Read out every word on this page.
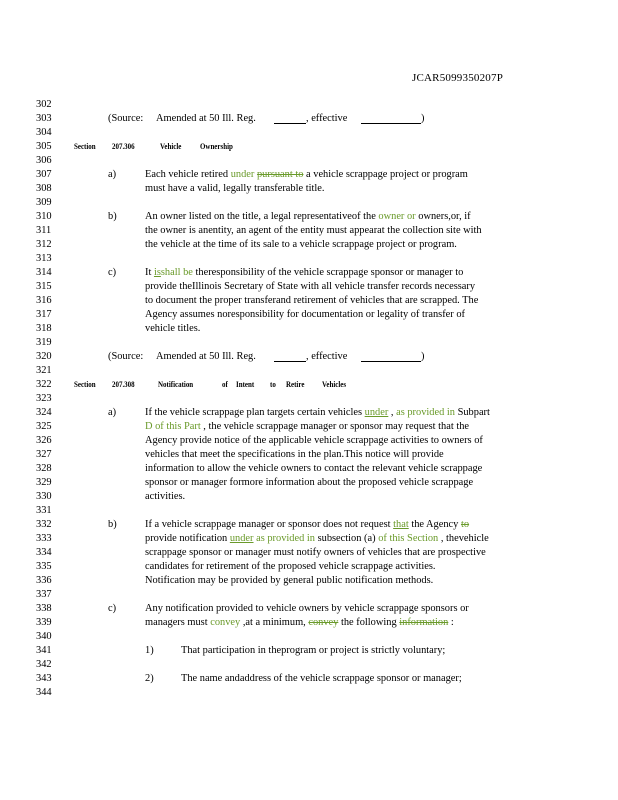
JCAR5099350207P
302
303	(Source: Amended at 50 Ill. Reg.	, effective	)
304
305	Section 207.306	Vehicle Ownership
306
307	a)	Each vehicle retired under pursuant to a vehicle scrappage project or program
308	must have a valid, legally transferable title.
309
310	b)	An owner listed on the title, a legal representativeof the owner or owners,or, if
311	the owner is anentity, an agent of the entity must appearat the collection site with
312	the vehicle at the time of its sale to a vehicle scrappage project or program.
313
314	c)	It isshall be theresponsibility of the vehicle scrappage sponsor or manager to
315	provide theIllinois Secretary of State with all vehicle transfer records necessary
316	to document the proper transferand retirement of vehicles that are scrapped. The
317	Agency assumes noresponsibility for documentation or legality of transfer of
318	vehicle titles.
319
320	(Source: Amended at 50 Ill. Reg.	, effective	)
321
322	Section 207.308	Notification	of Intent to Retire Vehicles
323
324	a)	If the vehicle scrappage plan targets certain vehicles under , as provided in Subpart
325	D of this Part , the vehicle scrappage manager or sponsor may request that the
326	Agency provide notice of the applicable vehicle scrappage activities to owners of
327	vehicles that meet the specifications in the plan.This notice will provide
328	information to allow the vehicle owners to contact the relevant vehicle scrappage
329	sponsor or manager formore information about the proposed vehicle scrappage
330	activities.
331
332	b)	If a vehicle scrappage manager or sponsor does not request that the Agency to
333	provide notification under as provided in subsection (a) of this Section , thevehicle
334	scrappage sponsor or manager must notify owners of vehicles that are prospective
335	candidates for retirement of the proposed vehicle scrappage activities.
336	Notification may be provided by general public notification methods.
337
338	c)	Any notification provided to vehicle owners by vehicle scrappage sponsors or
339	managers must convey ,at a minimum, convey the following information :
340
341	1)	That participation in theprogram or project is strictly voluntary;
342
343	2)	The name andaddress of the vehicle scrappage sponsor or manager;
344
